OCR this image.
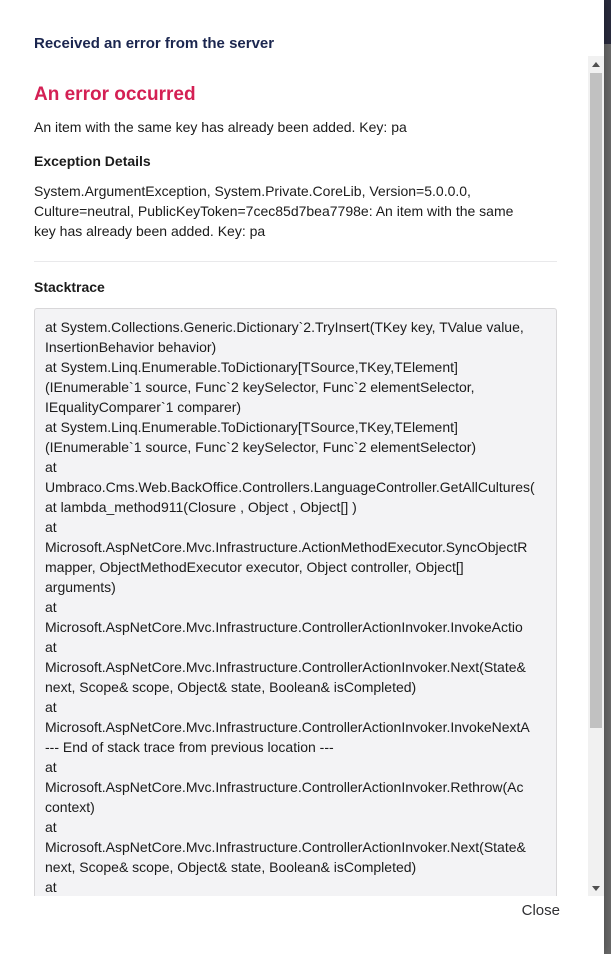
Received an error from the server
An error occurred

An item with the same key has already been added. Key: pa

Exception Details

System.ArgumentException, System.Private.CoreLib, Version=5.0.0.0,
Culture=neutral, PublicKeyToken=7cec85d7bea7798e: An item with the same
key has already been added. Key: pa

Stacktrace
at System.Collections.Generic.Dictionary`2.TryInsert(TKey key, TValue value,
InsertionBehavior behavior)
at System.Linq.Enumerable.ToDictionary[TSource,TKey,TElement]
(IEnumerable`1 source, Func`2 keySelector, Func`2 elementSelector,
IEqualityComparer`1 comparer)
at System.Linq.Enumerable.ToDictionary[TSource,TKey,TElement]
(IEnumerable`1 source, Func`2 keySelector, Func`2 elementSelector)
at
Umbraco.Cms.Web.BackOffice.Controllers.LanguageController.GetAllCultures(
at lambda_method911(Closure , Object , Object[] )
at
Microsoft.AspNetCore.Mvc.Infrastructure.ActionMethodExecutor.SyncObjectR
mapper, ObjectMethodExecutor executor, Object controller, Object[]
arguments)
at
Microsoft.AspNetCore.Mvc.Infrastructure.ControllerActionInvoker.InvokeActio
at
Microsoft.AspNetCore.Mvc.Infrastructure.ControllerActionInvoker.Next(State&
next, Scope& scope, Object& state, Boolean& isCompleted)
at
Microsoft.AspNetCore.Mvc.Infrastructure.ControllerActionInvoker.InvokeNextA
--- End of stack trace from previous location ---
at
Microsoft.AspNetCore.Mvc.Infrastructure.ControllerActionInvoker.Rethrow(Ac
context)
at
Microsoft.AspNetCore.Mvc.Infrastructure.ControllerActionInvoker.Next(State&
next, Scope& scope, Object& state, Boolean& isCompleted)
at
Close
